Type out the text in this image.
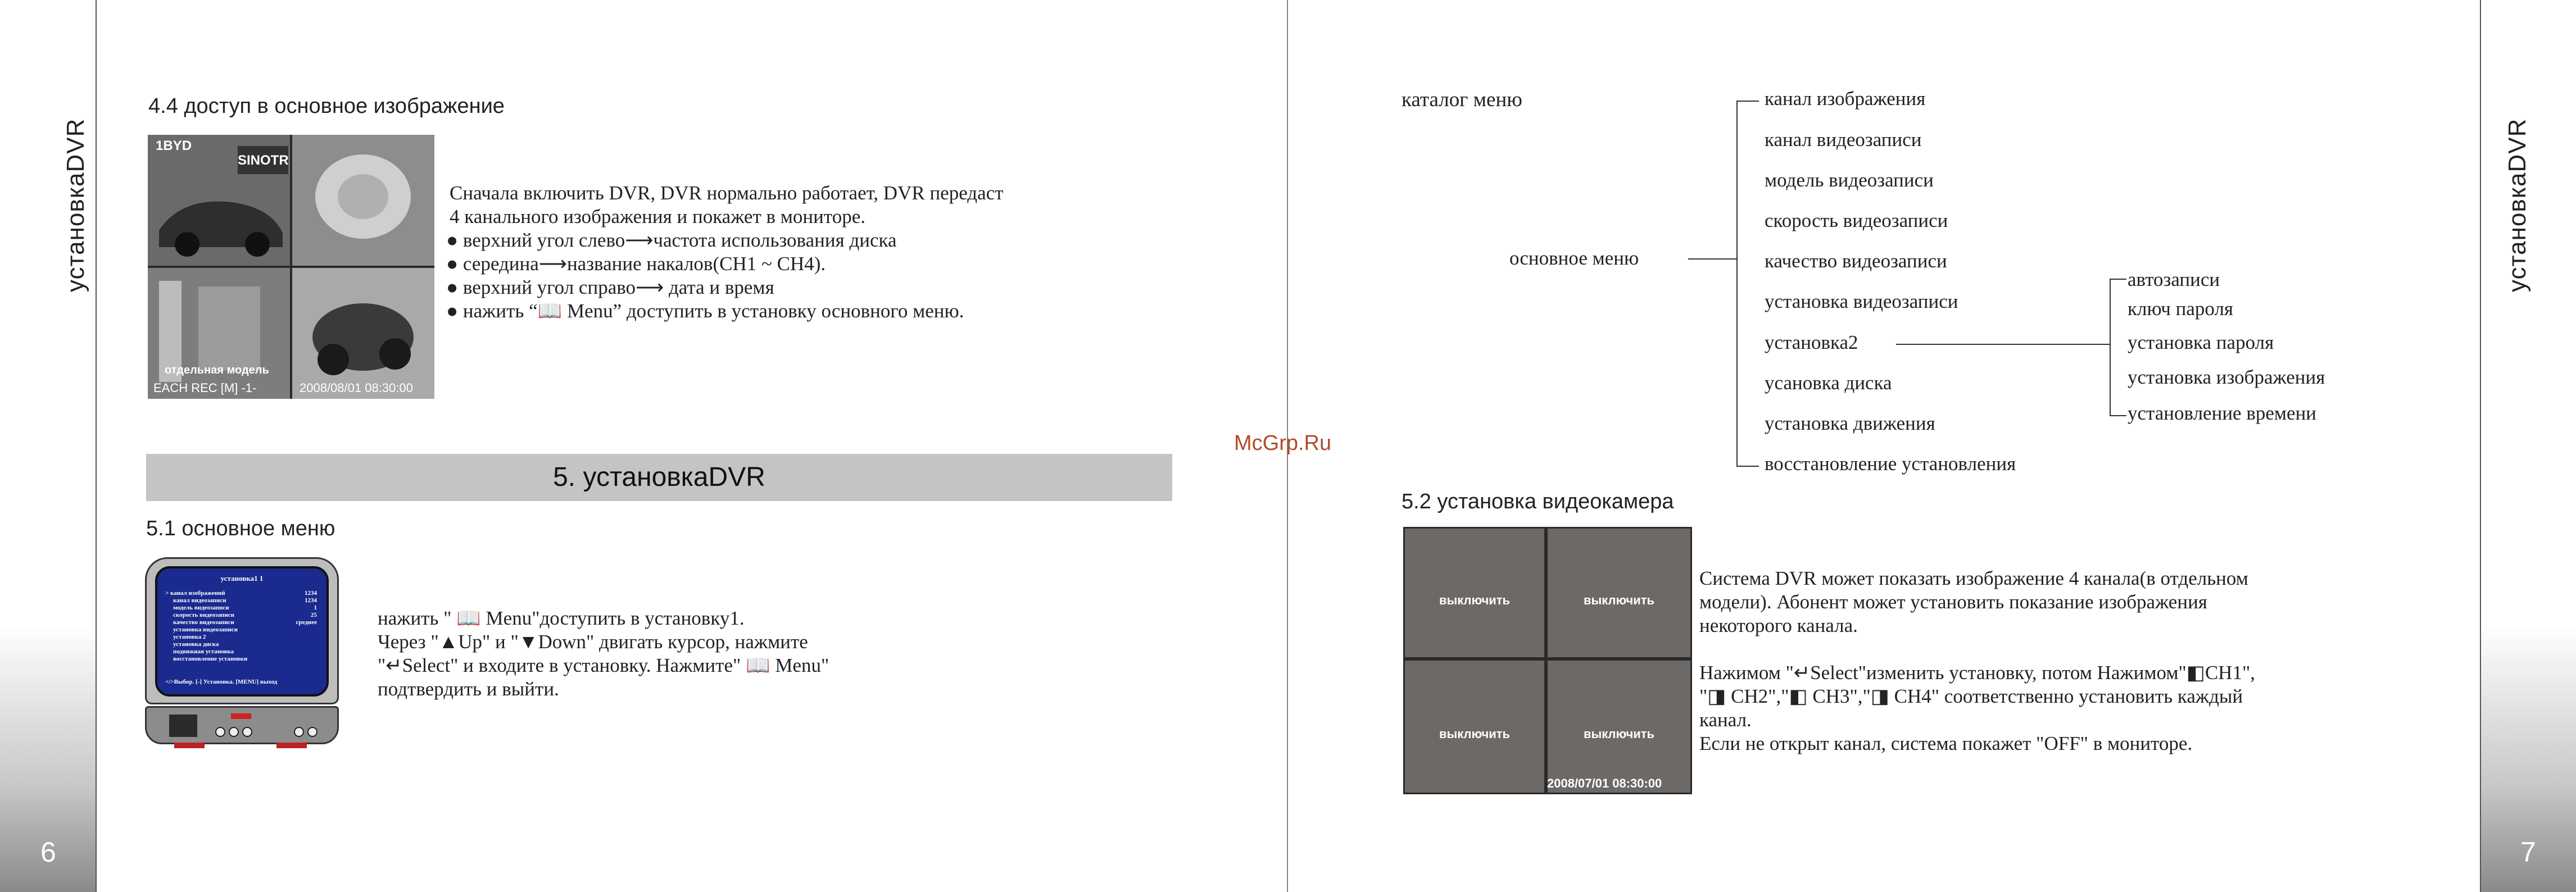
установкаDVR
6
установкаDVR
7
4.4 доступ в основное изображение
1BYD
SINOTR
отдельная модель
EACH REC [M] -1-	2008/08/01 08:30:00
Сначала включить DVR, DVR нормально работает, DVR передаст
4 канального изображения и покажет в мониторе.
● верхний угол слево⟶частота использования диска
● середина⟶название накалов(CH1 ~ CH4).
● верхний угол справо⟶ дата и время
● нажить “📖 Menu” доступить в установку основного меню.
5. установкаDVR
5.1 основное меню
установка1 1
> канал изображений	1234
канал видеозаписи	1234
модель видеозаписи	1
скорость видеозаписи	25
качество видеозаписи	среднее
установка видеозаписи
установка 2
установка диска
подвижная установка
восстановление установки
</>Выбор. [-] Установка. [MENU] выход
нажить " 📖 Menu"доступить в установку1.
Через "▲Up" и "▼Down" двигать курсор, нажмите
"↵Select" и входите в установку. Нажмите" 📖 Menu"
подтвердить и выйти.
McGrp.Ru
каталог меню
основное меню
канал изображения
канал видеозаписи
модель видеозаписи
скорость видеозаписи
качество видеозаписи
установка видеозаписи
установка2
усановка диска
установка движения
восстановление установления
автозаписи
ключ пароля
установка пароля
установка изображения
установление времени
5.2 установка видеокамера
выключить	выключить
выключить	выключить
2008/07/01 08:30:00
Система DVR может показать изображение 4 канала(в отдельном
модели). Абонент может установить показание изображения
некоторого канала.
Нажимом "↵Select"изменить установку, потом Нажимом"◧CH1",
"◨ CH2","◧ CH3","◨ CH4" соответственно установить каждый
канал.
Если не открыт канал, система покажет "OFF" в мониторе.
